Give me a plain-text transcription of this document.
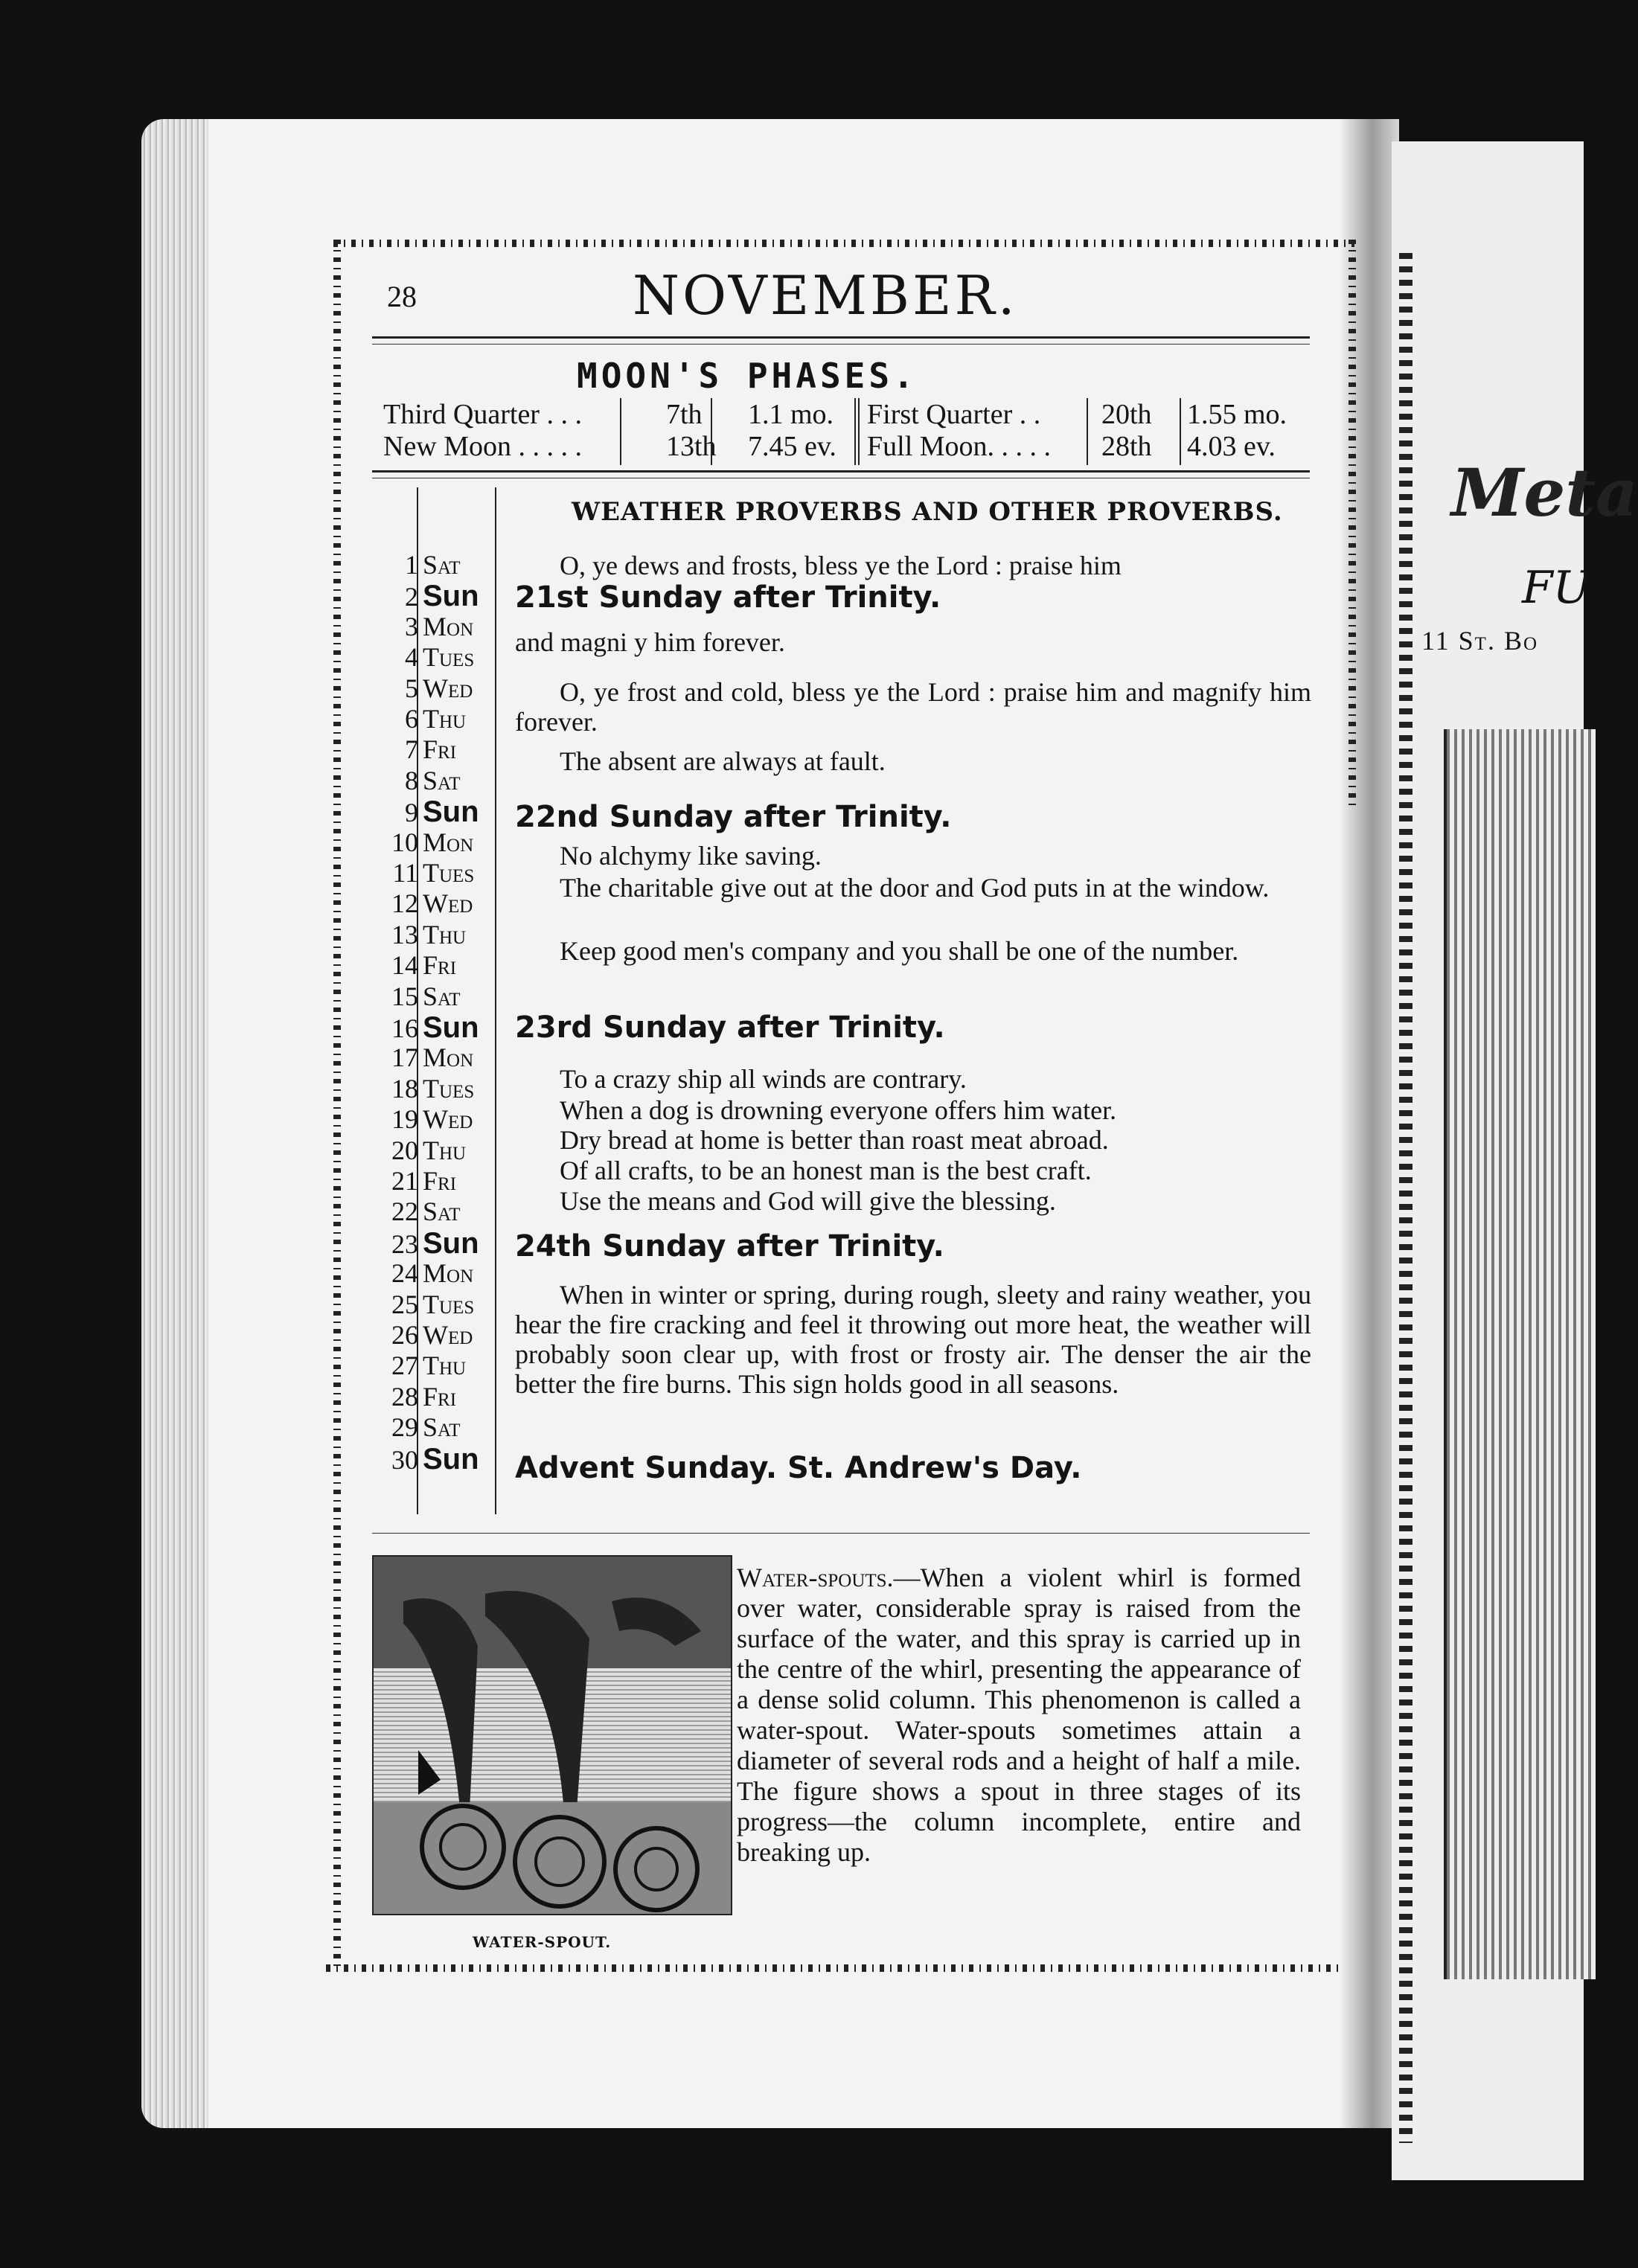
Meta
FU
11 St. Bo
28	NOVEMBER.
MOON'S PHASES.
Third Quarter . . .	7th 1.1 mo. First Quarter . . 20th 1.55 mo.
New Moon . . . . .	13th 7.45 ev. Full Moon. . . . . 28th 4.03 ev.
WEATHER PROVERBS AND OTHER PROVERBS.
1 Sat
2 Sun
3 Mon
4 Tues
5 Wed
6 Thu
7 Fri
8 Sat
9 Sun
10 Mon
11 Tues
12 Wed
13 Thu
14 Fri
15 Sat
16 Sun
17 Mon
18 Tues
19 Wed
20 Thu
21 Fri
22 Sat
23 Sun
24 Mon
25 Tues
26 Wed
27 Thu
28 Fri
29 Sat
30 Sun
O, ye dews and frosts, bless ye the Lord : praise him
21st Sunday after Trinity.
and magni y him forever.
O, ye frost and cold, bless ye the Lord : praise him and magnify him forever.
The absent are always at fault.
22nd Sunday after Trinity.
No alchymy like saving.
The charitable give out at the door and God puts in at the window.
Keep good men's company and you shall be one of the number.
23rd Sunday after Trinity.
To a crazy ship all winds are contrary.
When a dog is drowning everyone offers him water.
Dry bread at home is better than roast meat abroad.
Of all crafts, to be an honest man is the best craft.
Use the means and God will give the blessing.
24th Sunday after Trinity.
When in winter or spring, during rough, sleety and rainy weather, you hear the fire cracking and feel it throwing out more heat, the weather will probably soon clear up, with frost or frosty air. The denser the air the better the fire burns. This sign holds good in all seasons.
Advent Sunday. St. Andrew's Day.
WATER-SPOUT.
Water-spouts.—When a violent whirl is formed over water, considerable spray is raised from the surface of the water, and this spray is carried up in the centre of the whirl, presenting the appearance of a dense solid column. This phenomenon is called a water-spout. Water-spouts sometimes attain a diameter of several rods and a height of half a mile. The figure shows a spout in three stages of its progress—the column incomplete, entire and breaking up.
